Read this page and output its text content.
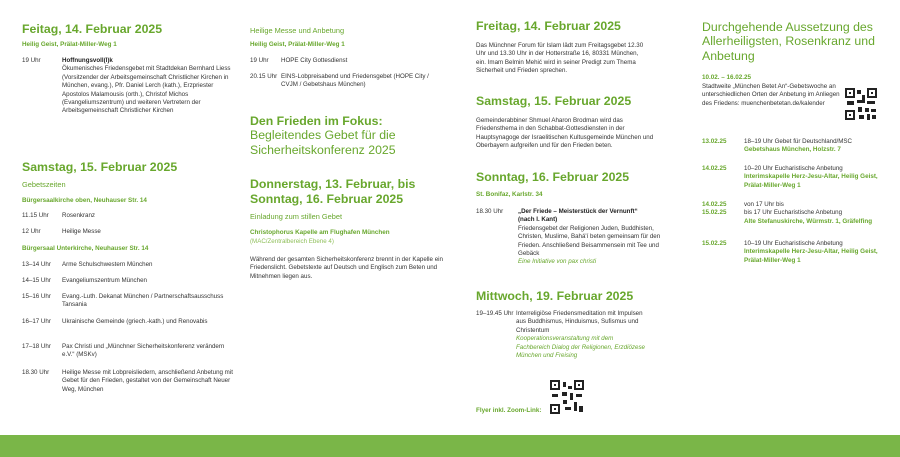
Feitag, 14. Februar 2025
Heilig Geist, Prälat-Miller-Weg 1
19 Uhr	Hoffnungsvoll(l)k
Ökumenisches Friedensgebet mit Stadtdekan Bernhard Liess (Vorsitzender der Arbeitsgemeinschaft Christlicher Kirchen in München, evang.), Pfr. Daniel Lerch (kath.), Erzpriester Apostolos Malamousis (orth.), Christof Michos (Evangeliumszentrum) und weiteren Vertretern der Arbeitsgemeinschaft Christlicher Kirchen
Samstag, 15. Februar 2025
Gebetszeiten
Bürgersaalkirche oben, Neuhauser Str. 14
11.15 Uhr	Rosenkranz
12 Uhr	Heilige Messe
Bürgersaal Unterkirche, Neuhauser Str. 14
13–14 Uhr	Arme Schulschwestern München
14–15 Uhr	Evangeliumszentrum München
15–16 Uhr	Evang.-Luth. Dekanat München / Partnerschaftsausschuss Tansania
16–17 Uhr	Ukrainische Gemeinde (griech.-kath.) und Renovabis
17–18 Uhr	Pax Christi und „Münchner Sicherheitskonferenz verändern e.V.“ (MSKv)
18.30 Uhr	Heilige Messe mit Lobpreisliedern, anschließend Anbetung mit Gebet für den Frieden, gestaltet von der Gemeinschaft Neuer Weg, München
Heilige Messe und Anbetung
Heilig Geist, Prälat-Miller-Weg 1
19 Uhr	HOPE City Gottesdienst
20.15 Uhr EINS-Lobpreisabend und Friedensgebet (HOPE City / CVJM / Gebetshaus München)
Den Frieden im Fokus:
Begleitendes Gebet für die Sicherheitskonferenz 2025
Donnerstag, 13. Februar, bis Sonntag, 16. Februar 2025
Einladung zum stillen Gebet
Christophorus Kapelle am Flughafen München
(MAC/Zentralbereich Ebene 4)
Während der gesamten Sicherheitskonferenz brennt in der Kapelle ein Friedenslicht. Gebetstexte auf Deutsch und Englisch zum Beten und Mitnehmen liegen aus.
Freitag, 14. Februar 2025
Das Münchner Forum für Islam lädt zum Freitagsgebet 12.30 Uhr und 13.30 Uhr in der Hotterstraße 16, 80331 München, ein. Imam Belmin Mehić wird in seiner Predigt zum Thema Sicherheit und Frieden sprechen.
Samstag, 15. Februar 2025
Gemeinderabbiner Shmuel Aharon Brodman wird das Friedensthema in den Schabbat-Gottesdiensten in der Hauptsynagoge der Israelitischen Kultusgemeinde München und Oberbayern aufgreifen und für den Frieden beten.
Sonntag, 16. Februar 2025
St. Bonifaz, Karlstr. 34
18.30 Uhr	„Der Friede – Meisterstück der Vernunft“ (nach I. Kant)
Friedensgebet der Religionen Juden, Buddhisten, Christen, Muslime, Bahá'í beten gemeinsam für den Frieden. Anschließend Beisammensein mit Tee und Gebäck
Eine Initiative von pax christi
Mittwoch, 19. Februar 2025
19–19.45 Uhr Interreligiöse Friedensmeditation mit Impulsen aus Buddhismus, Hinduismus, Sufismus und Christentum
Kooperationsveranstaltung mit dem Fachbereich Dialog der Religionen, Erzdiözese München und Freising
Flyer inkl. Zoom-Link:
Durchgehende Aussetzung des Allerheiligsten, Rosenkranz und Anbetung
10.02. – 16.02.25
Stadtweite „München Betet An“-Gebetswoche an unterschiedlichen Orten der Anbetung im Anliegen des Friedens: muenchenbetetan.de/kalender
13.02.25	18–19 Uhr Gebet für Deutschland/MSC
Gebetshaus München, Holzstr. 7
14.02.25	10–20 Uhr Eucharistische Anbetung
Interimskapelle Herz-Jesu-Altar, Heilig Geist, Prälat-Miller-Weg 1
14.02.25	von 17 Uhr bis
15.02.25	bis 17 Uhr Eucharistische Anbetung
Alte Stefanuskirche, Würmstr. 1, Gräfelfing
15.02.25	10–19 Uhr Eucharistische Anbetung
Interimskapelle Herz-Jesu-Altar, Heilig Geist, Prälat-Miller-Weg 1
